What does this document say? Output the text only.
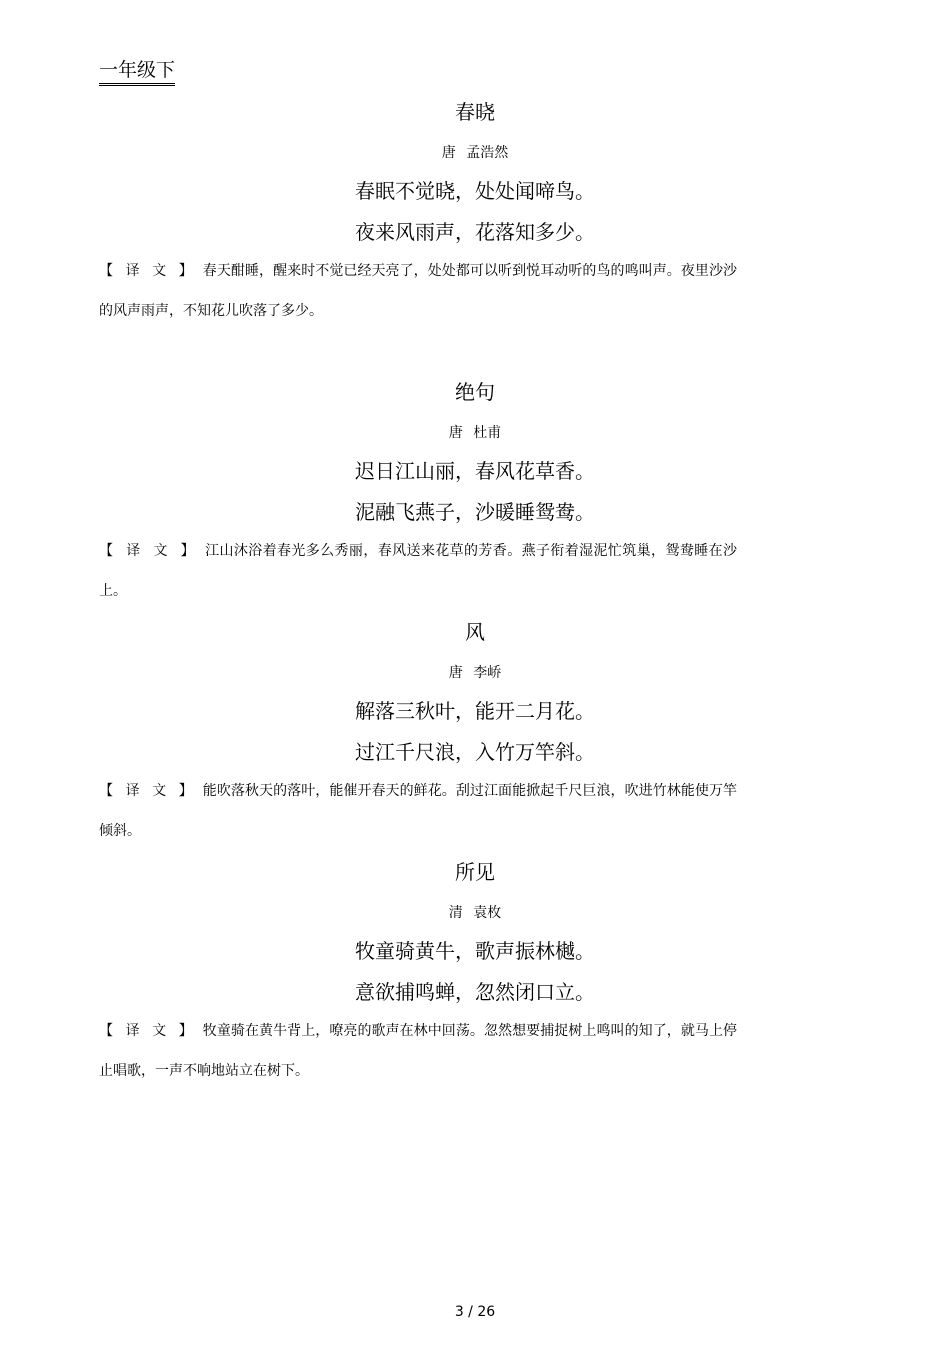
一年级下
春晓
唐 孟浩然
春眠不觉晓，处处闻啼鸟。
夜来风雨声，花落知多少。
【 译 文 】 春天酣睡，醒来时不觉已经天亮了，处处都可以听到悦耳动听的鸟的鸣叫声。夜里沙沙的风声雨声，不知花儿吹落了多少。
绝句
唐 杜甫
迟日江山丽，春风花草香。
泥融飞燕子，沙暖睡鸳鸯。
【 译 文 】 江山沐浴着春光多么秀丽，春风送来花草的芳香。燕子衔着湿泥忙筑巢，鸳鸯睡在沙上。
风
唐 李峤
解落三秋叶，能开二月花。
过江千尺浪，入竹万竿斜。
【 译 文 】 能吹落秋天的落叶，能催开春天的鲜花。刮过江面能掀起千尺巨浪，吹进竹林能使万竿倾斜。
所见
清 袁枚
牧童骑黄牛，歌声振林樾。
意欲捕鸣蝉，忽然闭口立。
【 译 文 】 牧童骑在黄牛背上，嘹亮的歌声在林中回荡。忽然想要捕捉树上鸣叫的知了，就马上停止唱歌，一声不响地站立在树下。
3 / 26
